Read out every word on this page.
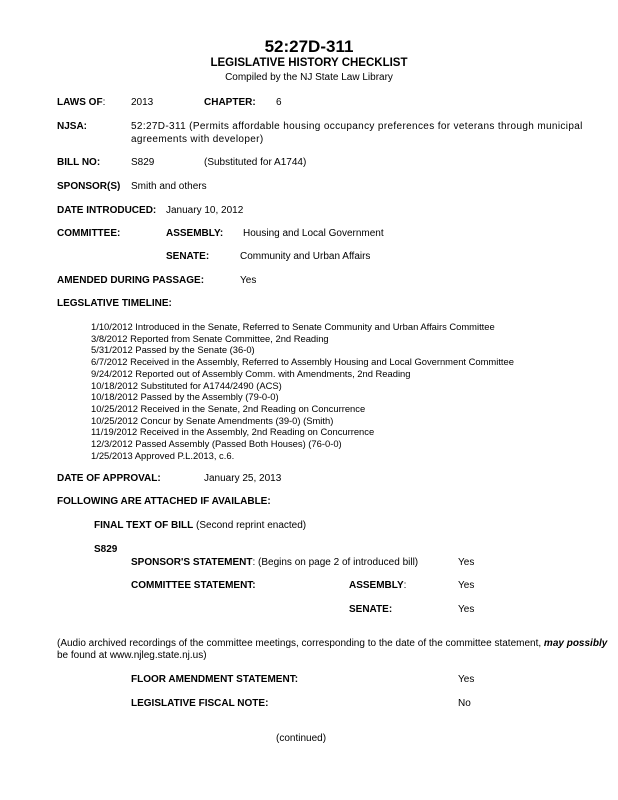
52:27D-311
LEGISLATIVE HISTORY CHECKLIST
Compiled by the NJ State Law Library
LAWS OF:	2013	CHAPTER: 6
NJSA:	52:27D-311 (Permits affordable housing occupancy preferences for veterans through municipal agreements with developer)
BILL NO:	S829	(Substituted for A1744)
SPONSOR(S) Smith and others
DATE INTRODUCED: January 10, 2012
COMMITTEE:	ASSEMBLY: Housing and Local Government
SENATE:	Community and Urban Affairs
AMENDED DURING PASSAGE:	Yes
LEGSLATIVE TIMELINE:
1/10/2012 Introduced in the Senate, Referred to Senate Community and Urban Affairs Committee
3/8/2012 Reported from Senate Committee, 2nd Reading
5/31/2012 Passed by the Senate (36-0)
6/7/2012 Received in the Assembly, Referred to Assembly Housing and Local Government Committee
9/24/2012 Reported out of Assembly Comm. with Amendments, 2nd Reading
10/18/2012 Substituted for A1744/2490 (ACS)
10/18/2012 Passed by the Assembly (79-0-0)
10/25/2012 Received in the Senate, 2nd Reading on Concurrence
10/25/2012 Concur by Senate Amendments (39-0) (Smith)
11/19/2012 Received in the Assembly, 2nd Reading on Concurrence
12/3/2012 Passed Assembly (Passed Both Houses) (76-0-0)
1/25/2013 Approved P.L.2013, c.6.
DATE OF APPROVAL:	January 25, 2013
FOLLOWING ARE ATTACHED IF AVAILABLE:
FINAL TEXT OF BILL (Second reprint enacted)
S829
SPONSOR'S STATEMENT: (Begins on page 2 of introduced bill)	Yes
COMMITTEE STATEMENT:	ASSEMBLY:	Yes
SENATE:	Yes
(Audio archived recordings of the committee meetings, corresponding to the date of the committee statement, may possibly
be found at www.njleg.state.nj.us)
FLOOR AMENDMENT STATEMENT:	Yes
LEGISLATIVE FISCAL NOTE:	No
(continued)
